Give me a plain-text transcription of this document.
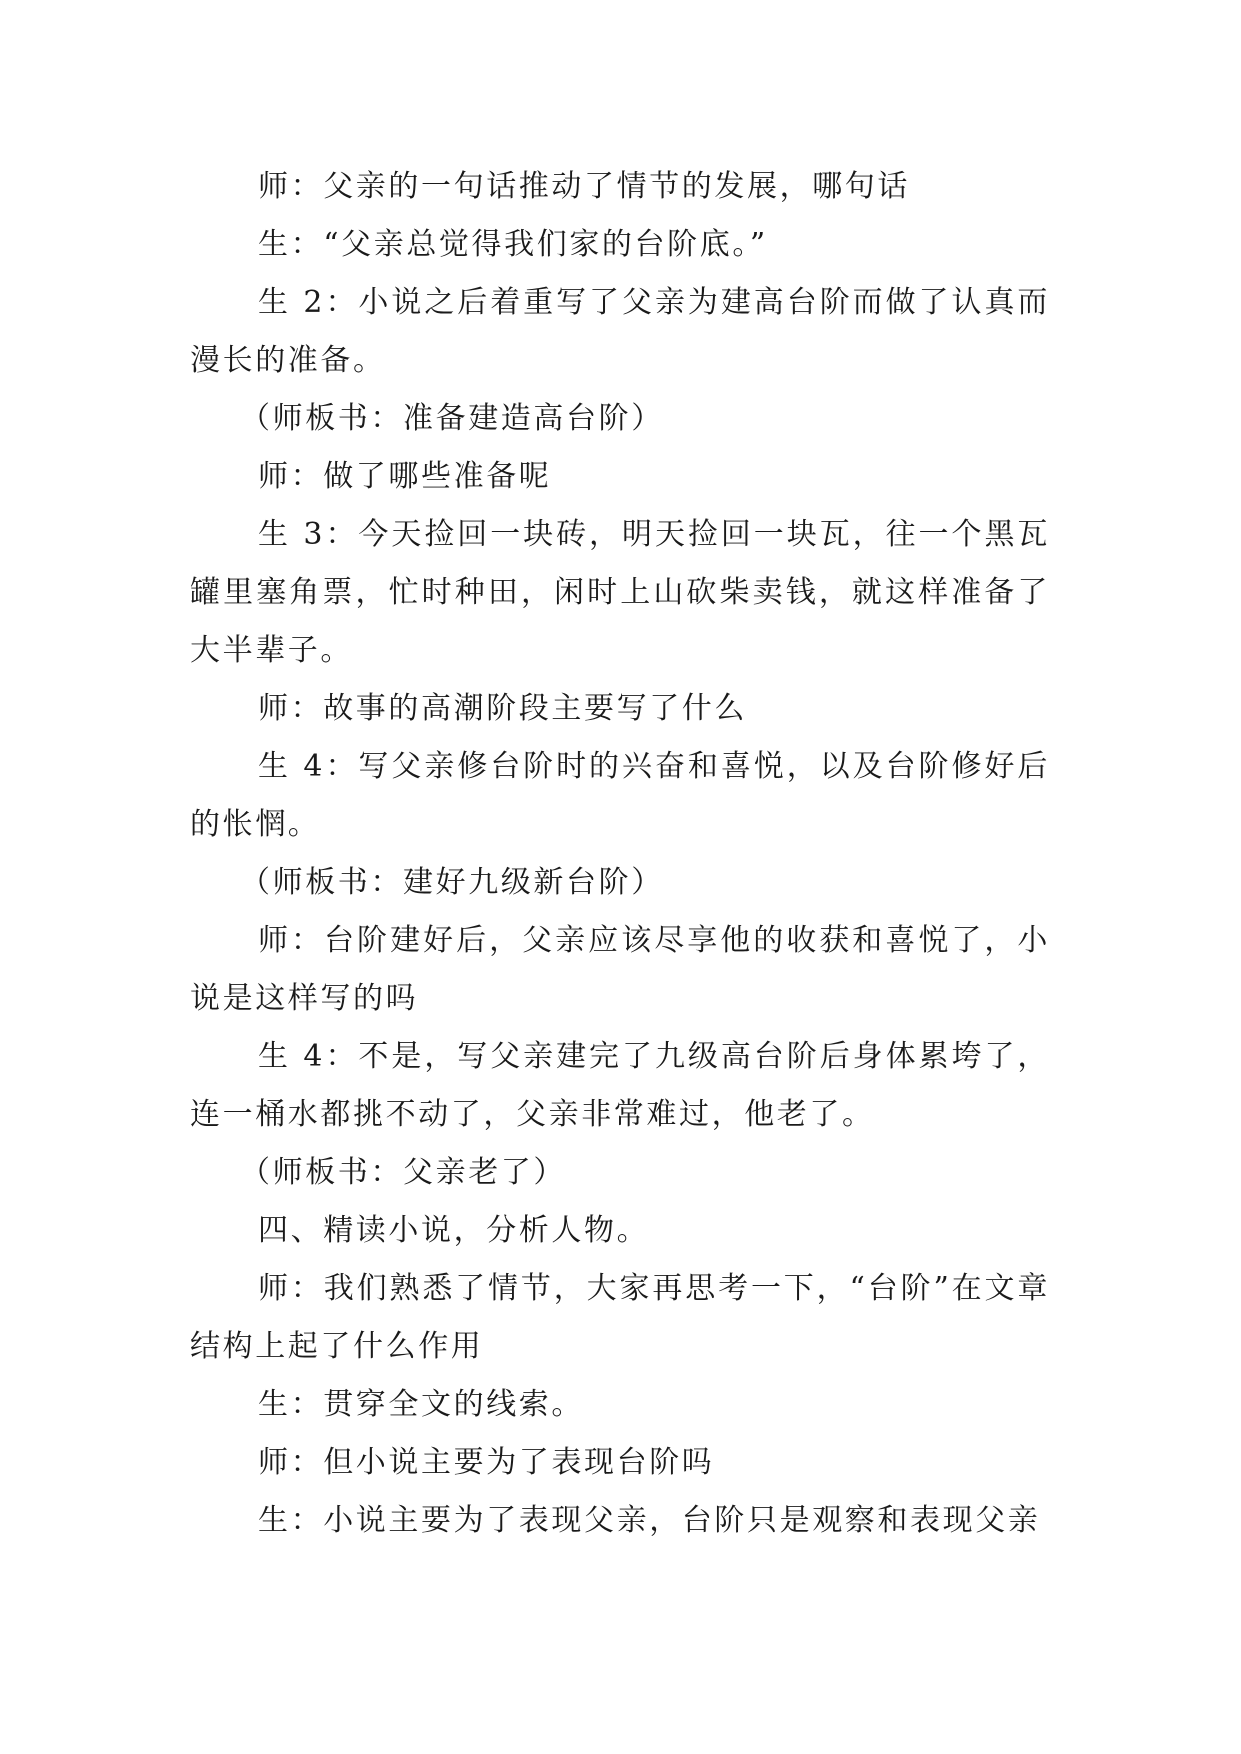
师：父亲的一句话推动了情节的发展，哪句话

生：“父亲总觉得我们家的台阶底。”

生 2：小说之后着重写了父亲为建高台阶而做了认真而漫长的准备。

（师板书：准备建造高台阶）

师：做了哪些准备呢

生 3：今天捡回一块砖，明天捡回一块瓦，往一个黑瓦罐里塞角票，忙时种田，闲时上山砍柴卖钱，就这样准备了大半辈子。

师：故事的高潮阶段主要写了什么

生 4：写父亲修台阶时的兴奋和喜悦，以及台阶修好后的怅惘。

（师板书：建好九级新台阶）

师：台阶建好后，父亲应该尽享他的收获和喜悦了，小说是这样写的吗

生 4：不是，写父亲建完了九级高台阶后身体累垮了，连一桶水都挑不动了，父亲非常难过，他老了。

（师板书：父亲老了）

四、精读小说，分析人物。

师：我们熟悉了情节，大家再思考一下，“台阶”在文章结构上起了什么作用

生：贯穿全文的线索。

师：但小说主要为了表现台阶吗

生：小说主要为了表现父亲，台阶只是观察和表现父亲
